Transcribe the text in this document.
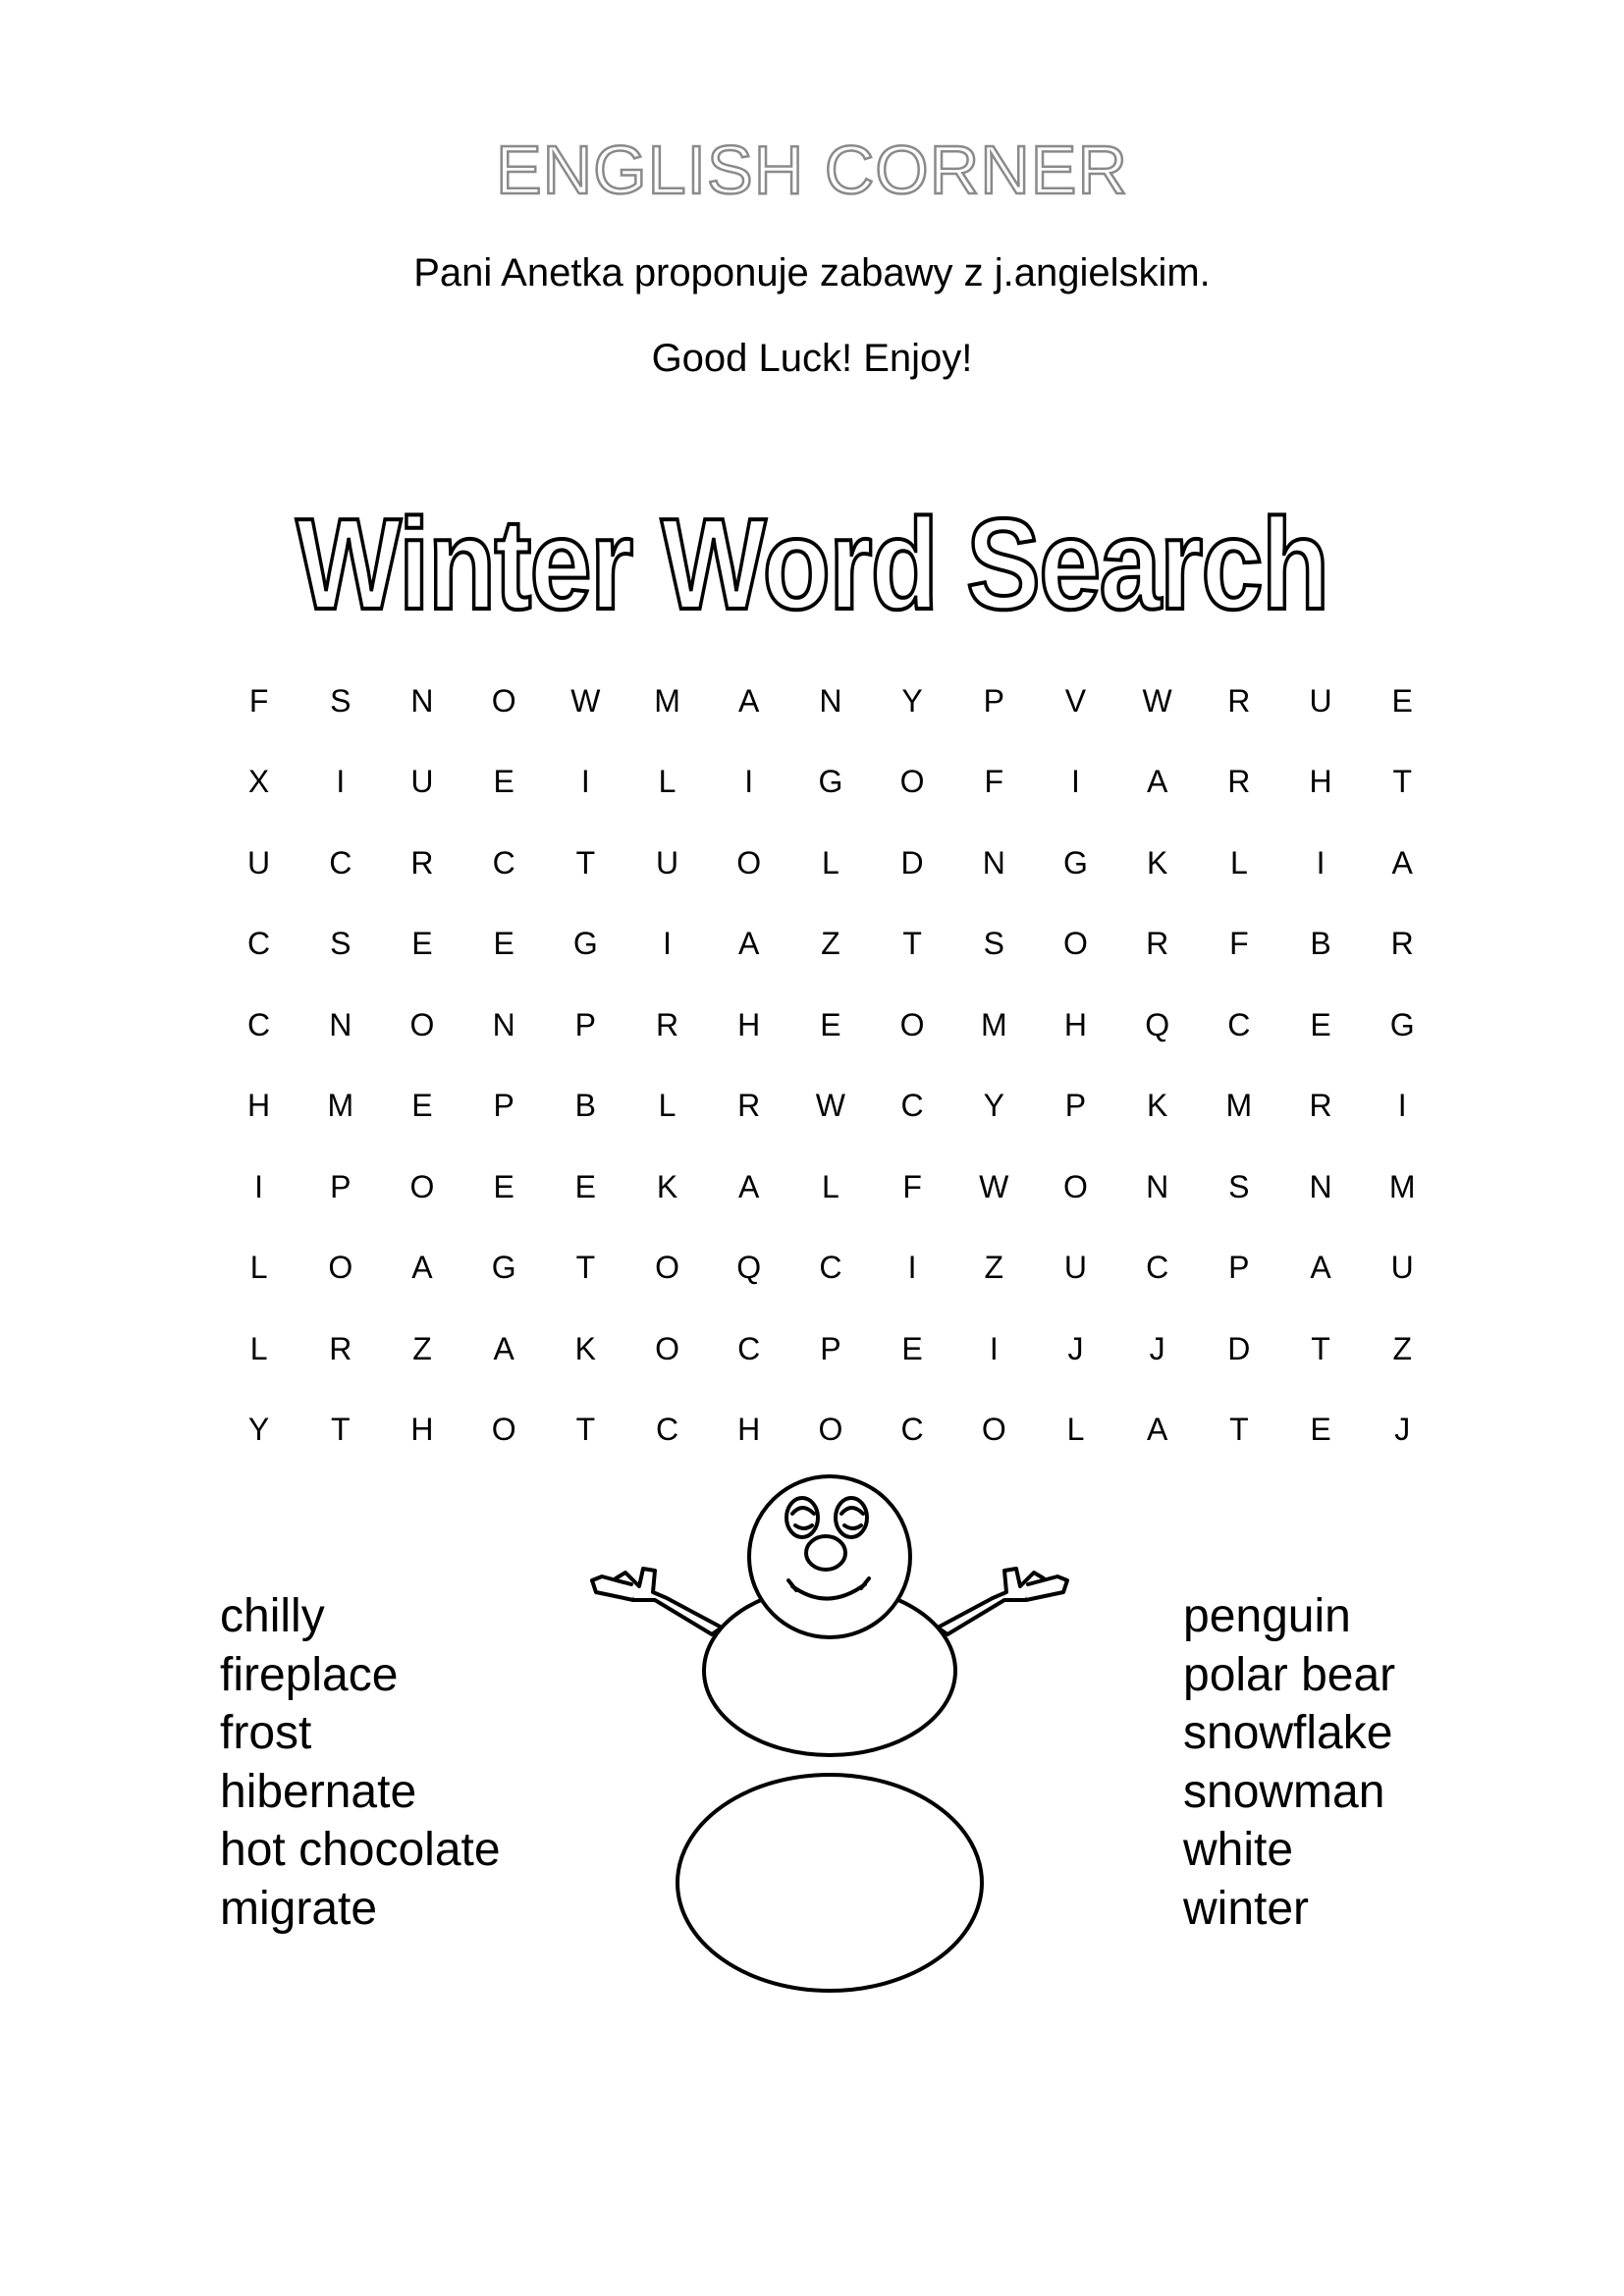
ENGLISH CORNER
Pani Anetka proponuje zabawy z j.angielskim.
Good Luck! Enjoy!
Winter Word Search
F	S	N	O	W	M	A	N	Y	P	V	W	R	U	E
X	I	U	E	I	L	I	G	O	F	I	A	R	H	T
U	C	R	C	T	U	O	L	D	N	G	K	L	I	A
C	S	E	E	G	I	A	Z	T	S	O	R	F	B	R
C	N	O	N	P	R	H	E	O	M	H	Q	C	E	G
H	M	E	P	B	L	R	W	C	Y	P	K	M	R	I
I	P	O	E	E	K	A	L	F	W	O	N	S	N	M
L	O	A	G	T	O	Q	C	I	Z	U	C	P	A	U
L	R	Z	A	K	O	C	P	E	I	J	J	D	T	Z
Y	T	H	O	T	C	H	O	C	O	L	A	T	E	J
chilly
fireplace
frost
hibernate
hot chocolate
migrate
penguin
polar bear
snowflake
snowman
white
winter
